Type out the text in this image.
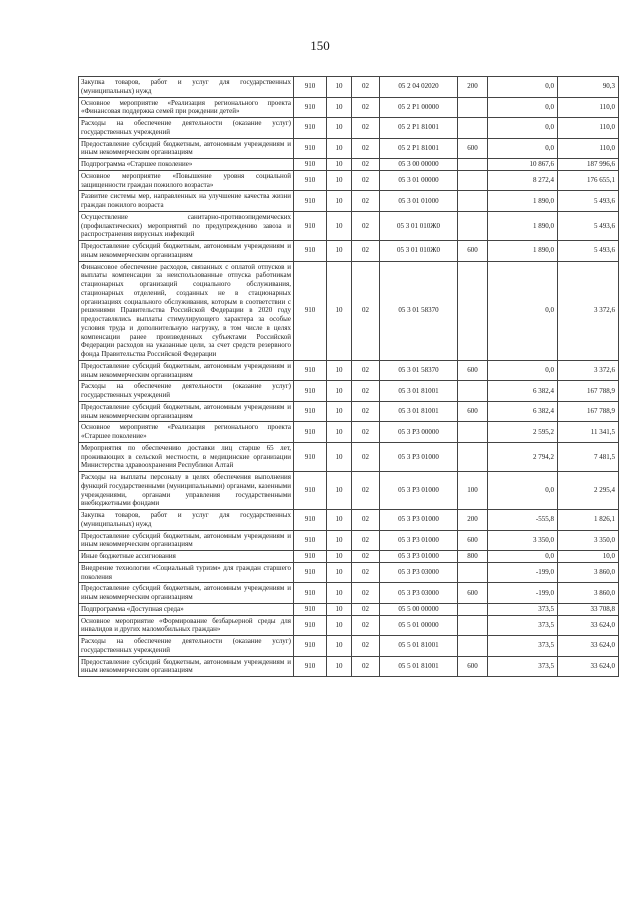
150
Закупка товаров, работ и услуг для государственных (муниципальных) нужд	910	10	02	05 2 04 02020	200	0,0	90,3
Основное мероприятие «Реализация регионального проекта «Финансовая поддержка семей при рождении детей»	910	10	02	05 2 P1 00000		0,0	110,0
Расходы на обеспечение деятельности (оказание услуг) государственных учреждений	910	10	02	05 2 P1 81001		0,0	110,0
Предоставление субсидий бюджетным, автономным учреждениям и иным некоммерческим организациям	910	10	02	05 2 P1 81001	600	0,0	110,0
Подпрограмма «Старшее поколение»	910	10	02	05 3 00 00000		10 867,6	187 996,6
Основное мероприятие «Повышение уровня социальной защищенности граждан пожилого возраста»	910	10	02	05 3 01 00000		8 272,4	176 655,1
Развитие системы мер, направленных на улучшение качества жизни граждан пожилого возраста	910	10	02	05 3 01 01000		1 890,0	5 493,6
Осуществление санитарно-противоэпидемических (профилактических) мероприятий по предупреждению завоза и распространения вирусных инфекций	910	10	02	05 3 01 010Ж0		1 890,0	5 493,6
Предоставление субсидий бюджетным, автономным учреждениям и иным некоммерческим организациям	910	10	02	05 3 01 010Ж0	600	1 890,0	5 493,6
Финансовое обеспечение расходов, связанных с оплатой отпусков и выплаты компенсации за неиспользованные отпуска работникам стационарных организаций социального обслуживания, стационарных отделений, созданных не в стационарных организациях социального обслуживания, которым в соответствии с решениями Правительства Российской Федерации в 2020 году предоставлялись выплаты стимулирующего характера за особые условия труда и дополнительную нагрузку, в том числе в целях компенсации ранее произведенных субъектами Российской Федерации расходов на указанные цели, за счет средств резервного фонда Правительства Российской Федерации	910	10	02	05 3 01 58370		0,0	3 372,6
Предоставление субсидий бюджетным, автономным учреждениям и иным некоммерческим организациям	910	10	02	05 3 01 58370	600	0,0	3 372,6
Расходы на обеспечение деятельности (оказание услуг) государственных учреждений	910	10	02	05 3 01 81001		6 382,4	167 788,9
Предоставление субсидий бюджетным, автономным учреждениям и иным некоммерческим организациям	910	10	02	05 3 01 81001	600	6 382,4	167 788,9
Основное мероприятие «Реализация регионального проекта «Старшее поколение»	910	10	02	05 3 P3 00000		2 595,2	11 341,5
Мероприятия по обеспечению доставки лиц старше 65 лет, проживающих в сельской местности, в медицинские организации Министерства здравоохранения Республики Алтай	910	10	02	05 3 P3 01000		2 794,2	7 481,5
Расходы на выплаты персоналу в целях обеспечения выполнения функций государственными (муниципальными) органами, казенными учреждениями, органами управления государственными внебюджетными фондами	910	10	02	05 3 P3 01000	100	0,0	2 295,4
Закупка товаров, работ и услуг для государственных (муниципальных) нужд	910	10	02	05 3 P3 01000	200	-555,8	1 826,1
Предоставление субсидий бюджетным, автономным учреждениям и иным некоммерческим организациям	910	10	02	05 3 P3 01000	600	3 350,0	3 350,0
Иные бюджетные ассигнования	910	10	02	05 3 P3 01000	800	0,0	10,0
Внедрение технологии «Социальный туризм» для граждан старшего поколения	910	10	02	05 3 P3 03000		-199,0	3 860,0
Предоставление субсидий бюджетным, автономным учреждениям и иным некоммерческим организациям	910	10	02	05 3 P3 03000	600	-199,0	3 860,0
Подпрограмма «Доступная среда»	910	10	02	05 5 00 00000		373,5	33 708,8
Основное мероприятие «Формирование безбарьерной среды для инвалидов и других маломобильных граждан»	910	10	02	05 5 01 00000		373,5	33 624,0
Расходы на обеспечение деятельности (оказание услуг) государственных учреждений	910	10	02	05 5 01 81001		373,5	33 624,0
Предоставление субсидий бюджетным, автономным учреждениям и иным некоммерческим организациям	910	10	02	05 5 01 81001	600	373,5	33 624,0
